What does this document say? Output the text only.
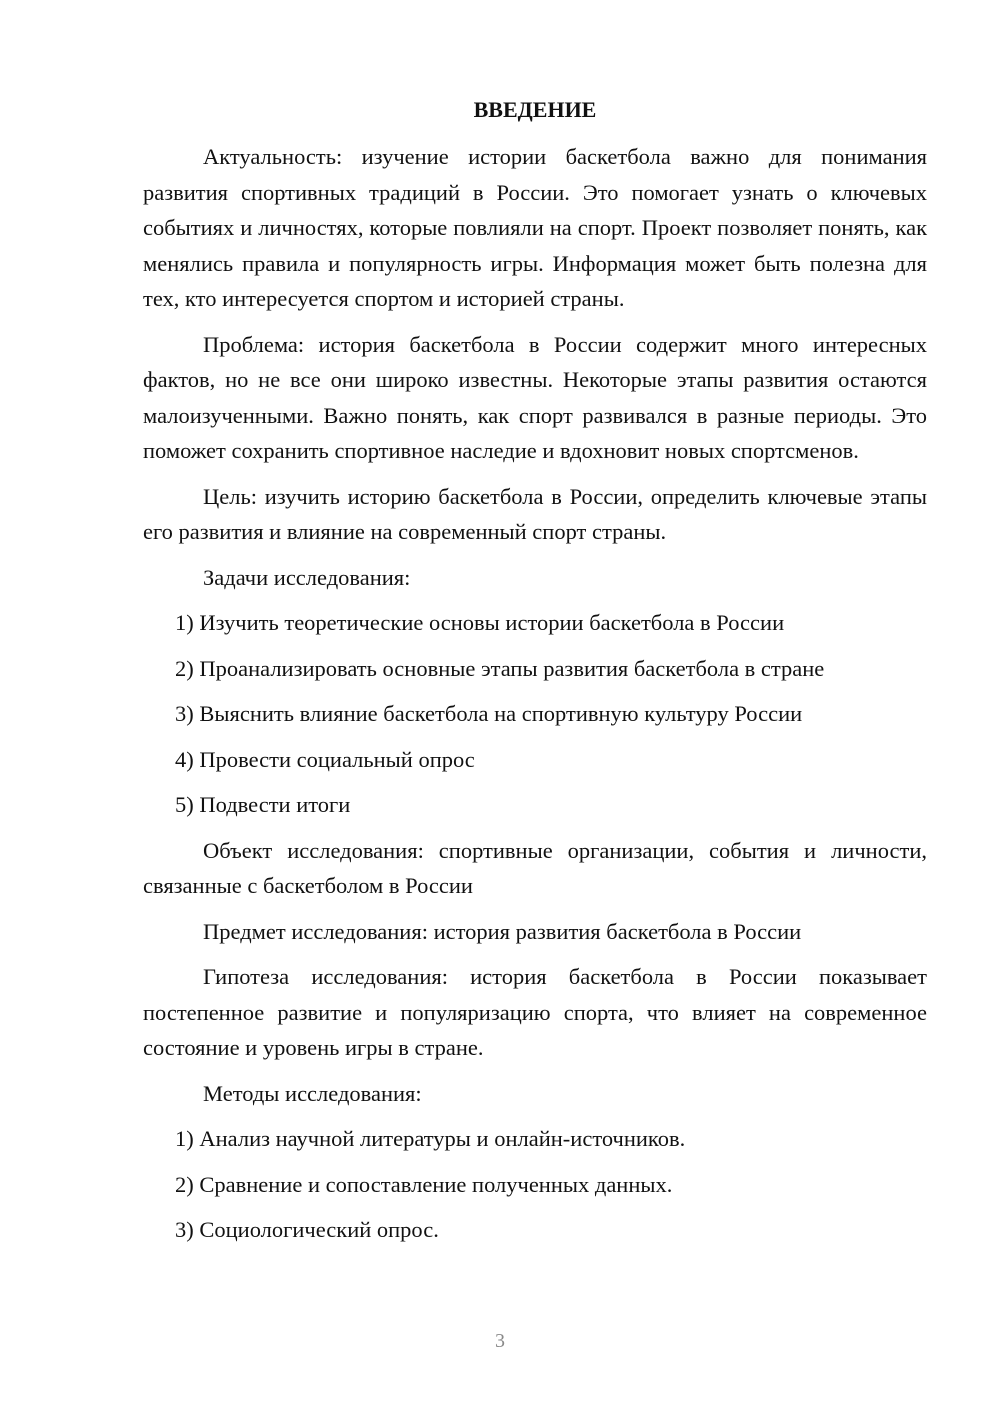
ВВЕДЕНИЕ

Актуальность: изучение истории баскетбола важно для понимания развития спортивных традиций в России. Это помогает узнать о ключевых событиях и личностях, которые повлияли на спорт. Проект позволяет понять, как менялись правила и популярность игры. Информация может быть полезна для тех, кто интересуется спортом и историей страны.

Проблема: история баскетбола в России содержит много интересных фактов, но не все они широко известны. Некоторые этапы развития остаются малоизученными. Важно понять, как спорт развивался в разные периоды. Это поможет сохранить спортивное наследие и вдохновит новых спортсменов.

Цель: изучить историю баскетбола в России, определить ключевые этапы его развития и влияние на современный спорт страны.

Задачи исследования:

1) Изучить теоретические основы истории баскетбола в России

2) Проанализировать основные этапы развития баскетбола в стране

3) Выяснить влияние баскетбола на спортивную культуру России

4) Провести социальный опрос

5) Подвести итоги

Объект исследования: спортивные организации, события и личности, связанные с баскетболом в России

Предмет исследования: история развития баскетбола в России

Гипотеза исследования: история баскетбола в России показывает постепенное развитие и популяризацию спорта, что влияет на современное состояние и уровень игры в стране.

Методы исследования:

1) Анализ научной литературы и онлайн-источников.

2) Сравнение и сопоставление полученных данных.

3) Социологический опрос.

3
